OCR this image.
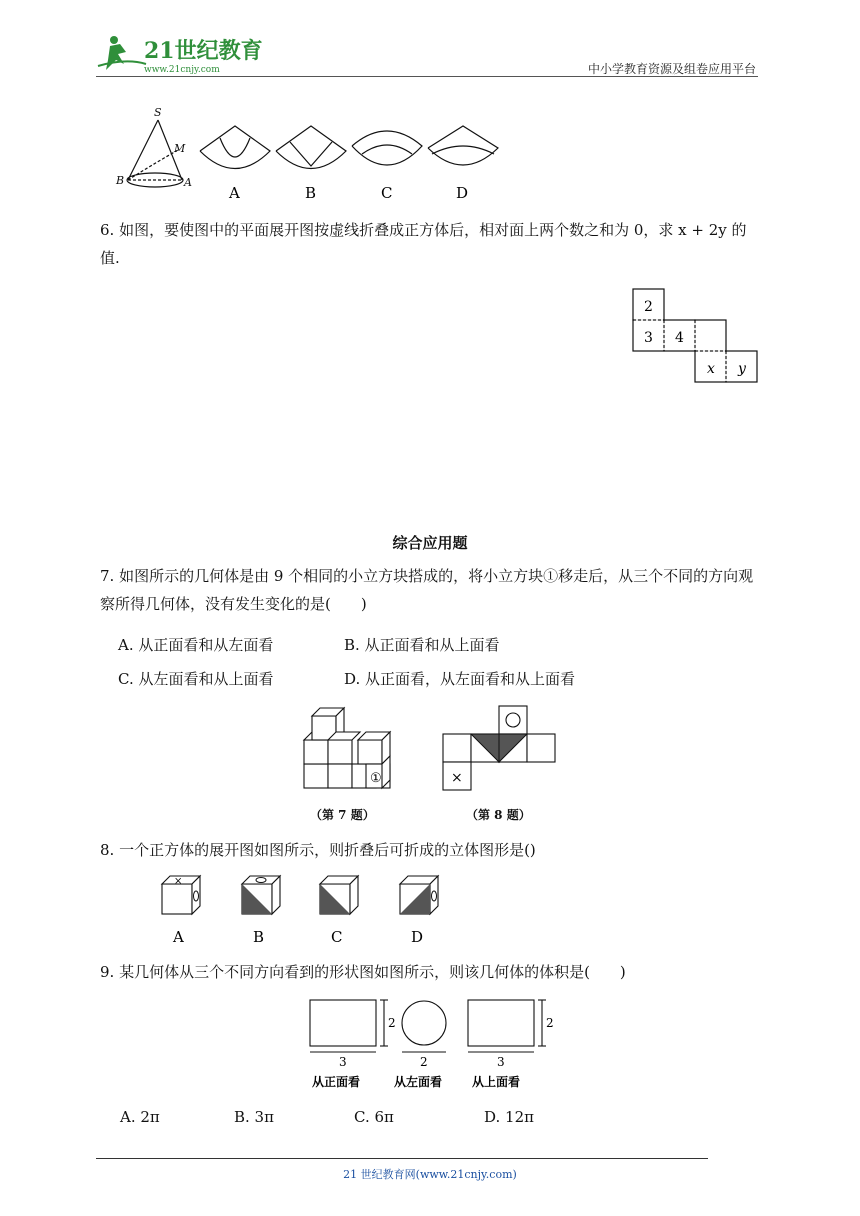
21世纪教育
www.21cnjy.com	中小学教育资源及组卷应用平台
S
M
B	A
A	B	C	D
6. 如图，要使图中的平面展开图按虚线折叠成正方体后，相对面上两个数之和为 0，求 x + 2y 的值.
2
3 4
x y
综合应用题
7. 如图所示的几何体是由 9 个相同的小立方块搭成的，将小立方块①移走后，从三个不同的方向观察所得几何体，没有发生变化的是(　　)
A. 从正面看和从左面看	B. 从正面看和从上面看
C. 从左面看和从上面看	D. 从正面看，从左面看和从上面看
①
（第 7 题）
×
（第 8 题）
8. 一个正方体的展开图如图所示，则折叠后可折成的立体图形是()
×
A	B	C	D
9. 某几何体从三个不同方向看到的形状图如图所示，则该几何体的体积是(　　)
2
3	2
2
3
从正面看	从左面看 从上面看
A. 2π	B. 3π	C. 6π	D. 12π
21 世纪教育网(www.21cnjy.com)
